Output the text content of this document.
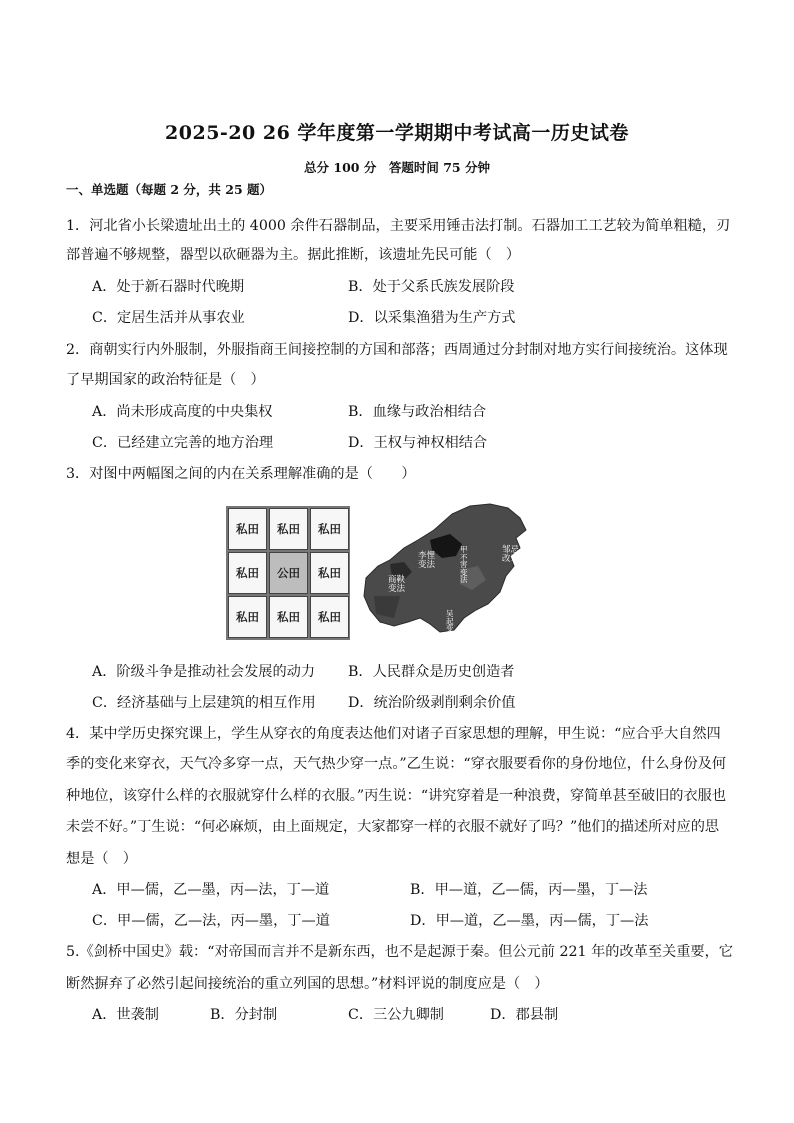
2025-20 26 学年度第一学期期中考试高一历史试卷
总分 100 分　答题时间 75 分钟
一、单选题（每题 2 分，共 25 题）
1．河北省小长梁遗址出土的 4000 余件石器制品，主要采用锤击法打制。石器加工工艺较为简单粗糙，刃
部普遍不够规整，器型以砍砸器为主。据此推断，该遗址先民可能（　）
A．处于新石器时代晚期	B．处于父系氏族发展阶段
C．定居生活并从事农业	D．以采集渔猎为生产方式
2．商朝实行内外服制，外服指商王间接控制的方国和部落；西周通过分封制对地方实行间接统治。这体现
了早期国家的政治特征是（　）
A．尚未形成高度的中央集权	B．血缘与政治相结合
C．已经建立完善的地方治理	D．王权与神权相结合
3．对图中两幅图之间的内在关系理解准确的是（　　）
私田	私田	私田
私田	公田	私田
私田	私田	私田
李悝变法
吴起变法
甲不害变法
商鞅变法
邹忌改革
A．阶级斗争是推动社会发展的动力 B．人民群众是历史创造者
C．经济基础与上层建筑的相互作用 D．统治阶级剥削剩余价值
4．某中学历史探究课上，学生从穿衣的角度表达他们对诸子百家思想的理解，甲生说：“应合乎大自然四
季的变化来穿衣，天气冷多穿一点，天气热少穿一点。”乙生说：“穿衣服要看你的身份地位，什么身份及何
种地位，该穿什么样的衣服就穿什么样的衣服。”丙生说：“讲究穿着是一种浪费，穿简单甚至破旧的衣服也
未尝不好。”丁生说：“何必麻烦，由上面规定，大家都穿一样的衣服不就好了吗？”他们的描述所对应的思
想是（　）
A．甲—儒，乙—墨，丙—法，丁—道	B．甲—道，乙—儒，丙—墨，丁—法
C．甲—儒，乙—法，丙—墨，丁—道	D．甲—道，乙—墨，丙—儒，丁—法
5.《剑桥中国史》载：“对帝国而言并不是新东西，也不是起源于秦。但公元前 221 年的改革至关重要，它
断然摒弃了必然引起间接统治的重立列国的思想。”材料评说的制度应是（　）
A．世袭制	B．分封制	C．三公九卿制	D．郡县制
